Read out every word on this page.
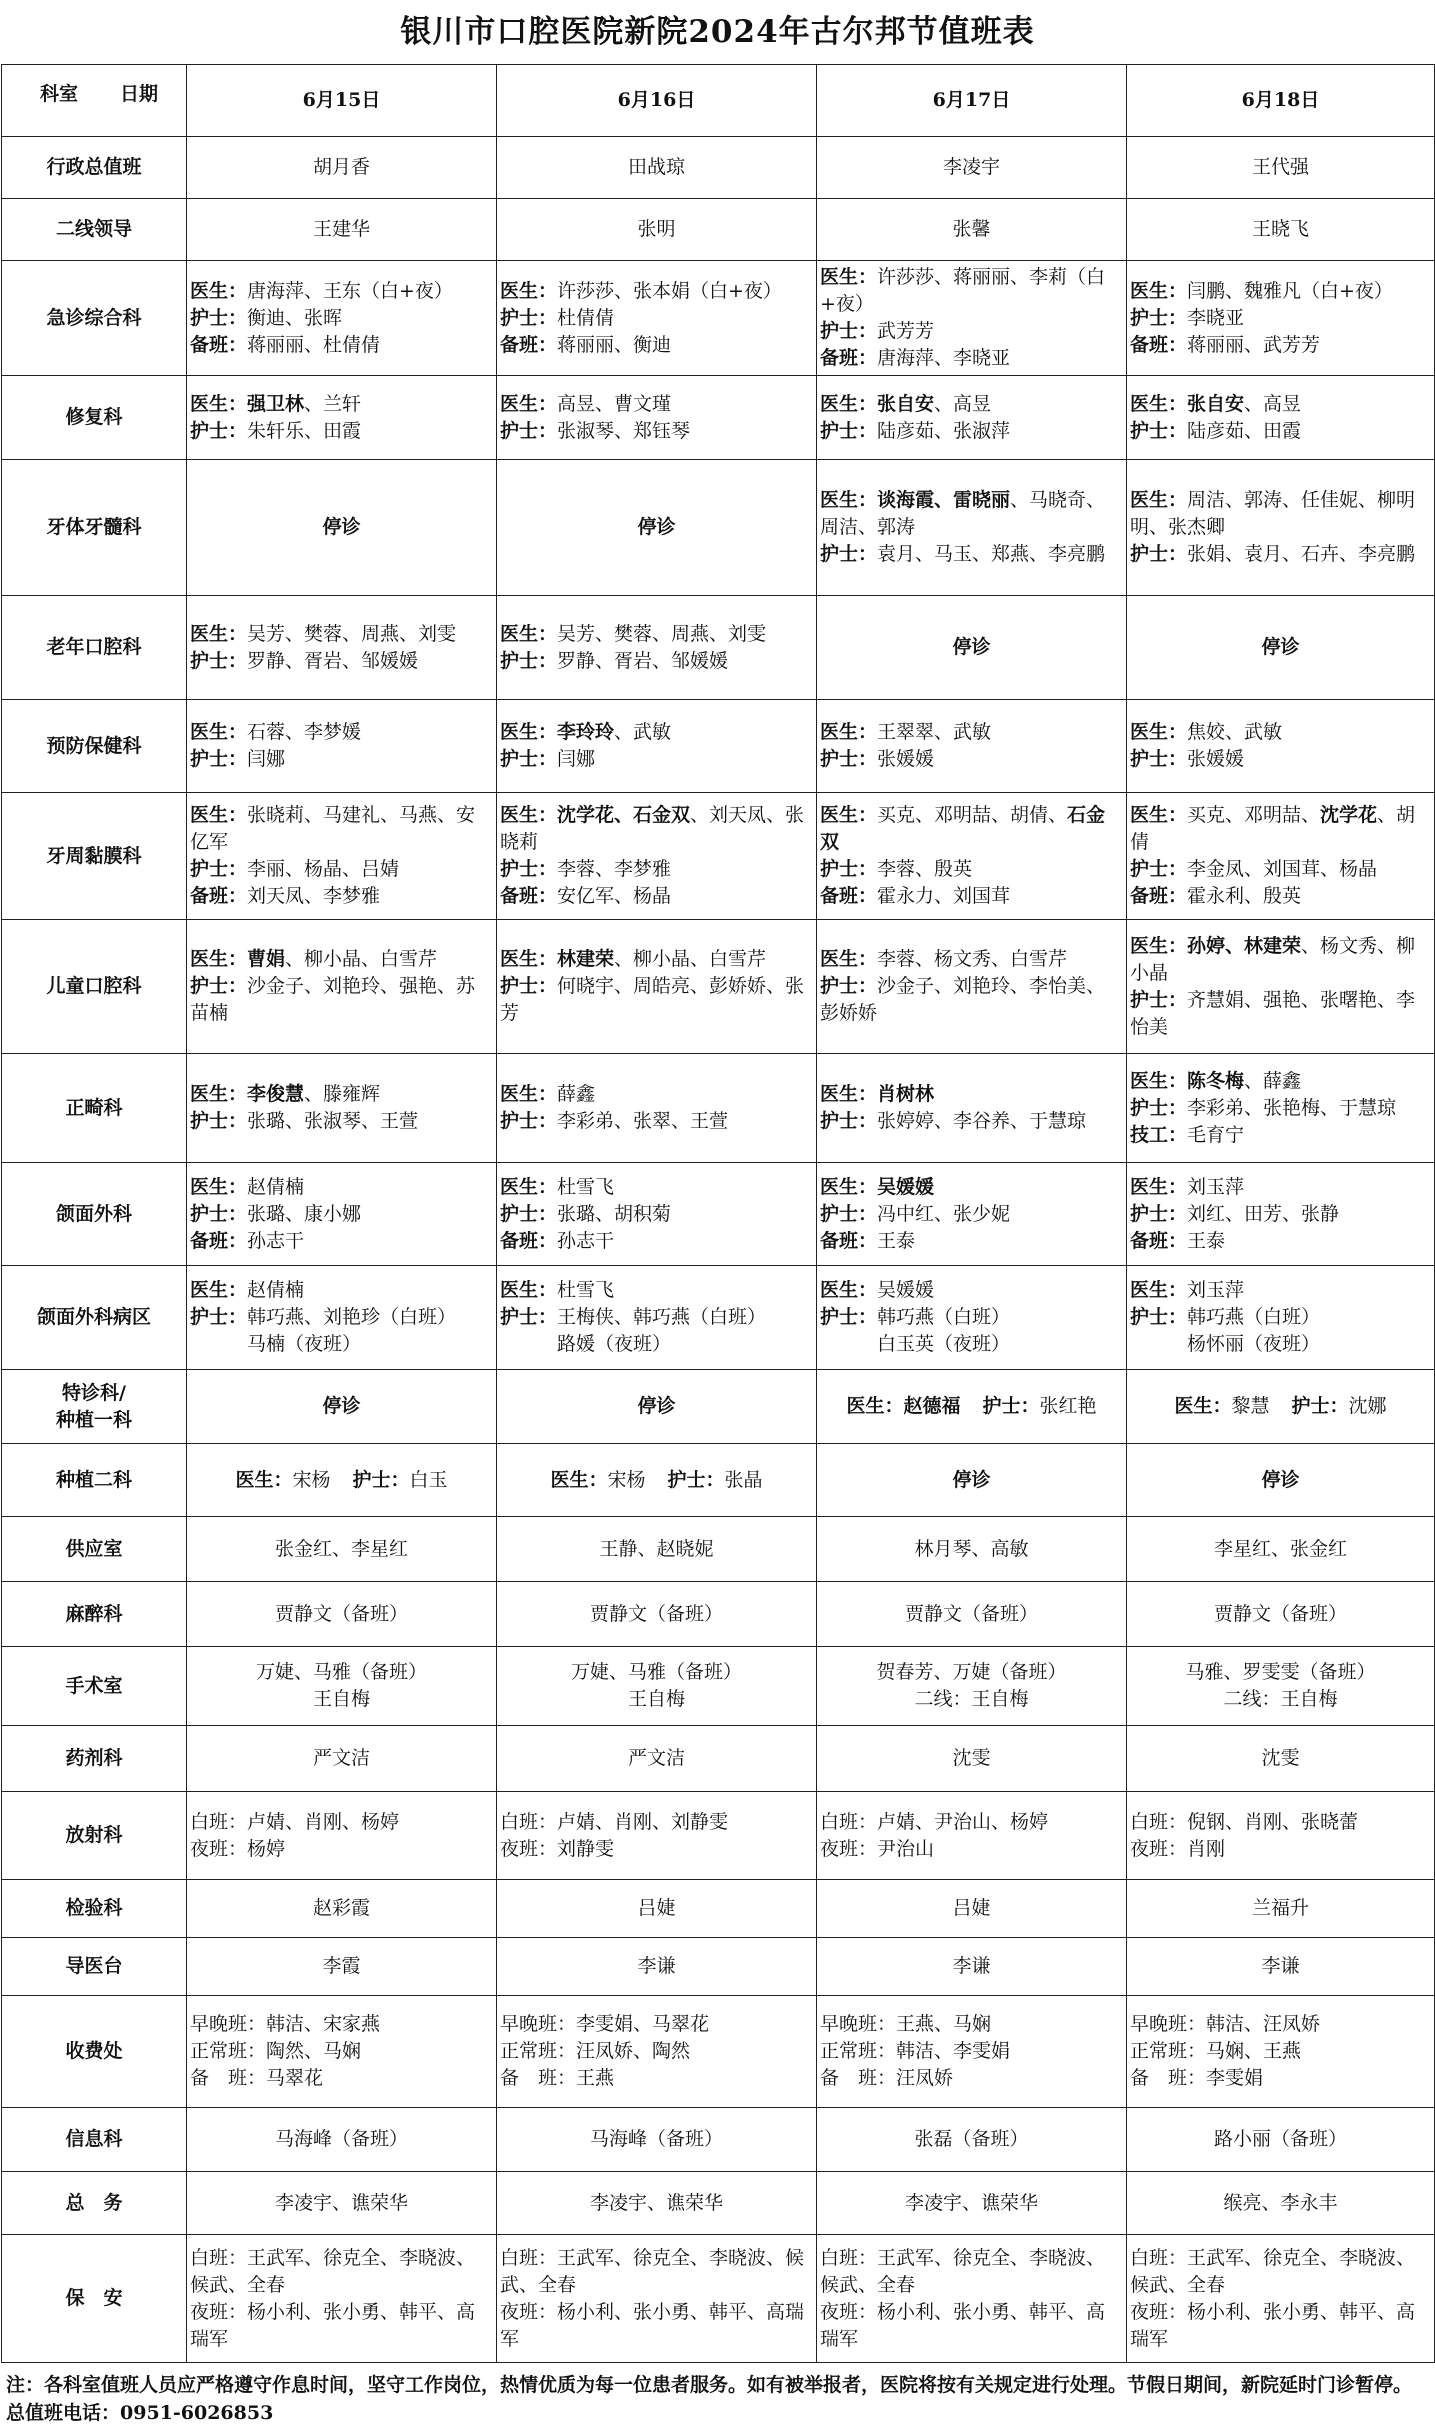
银川市口腔医院新院2024年古尔邦节值班表
科室 日期	6月15日	6月16日	6月17日	6月18日
行政总值班	胡月香	田战琼	李凌宇	王代强
二线领导	王建华	张明	张馨	王晓飞
急诊综合科	医生：唐海萍、王东（白+夜）
护士：衡迪、张晖
备班：蒋丽丽、杜倩倩	医生：许莎莎、张本娟（白+夜）
护士：杜倩倩
备班：蒋丽丽、衡迪	医生：许莎莎、蒋丽丽、李莉（白+夜）
护士：武芳芳
备班：唐海萍、李晓亚	医生：闫鹏、魏雅凡（白+夜）
护士：李晓亚
备班：蒋丽丽、武芳芳

修复科	医生：强卫林、兰轩
护士：朱轩乐、田霞	医生：高昱、曹文瑾
护士：张淑琴、郑钰琴	医生：张自安、高昱
护士：陆彦茹、张淑萍	医生：张自安、高昱
护士：陆彦茹、田霞

牙体牙髓科	停诊	停诊	医生：谈海霞、雷晓丽、马晓奇、周洁、郭涛
护士：袁月、马玉、郑燕、李亮鹏	医生：周洁、郭涛、任佳妮、柳明明、张杰卿
护士：张娟、袁月、石卉、李亮鹏

老年口腔科	医生：吴芳、樊蓉、周燕、刘雯
护士：罗静、胥岩、邹媛媛	医生：吴芳、樊蓉、周燕、刘雯
护士：罗静、胥岩、邹媛媛	停诊	停诊
预防保健科	医生：石蓉、李梦媛
护士：闫娜	医生：李玲玲、武敏
护士：闫娜	医生：王翠翠、武敏
护士：张媛媛	医生：焦姣、武敏
护士：张媛媛

牙周黏膜科	医生：张晓莉、马建礼、马燕、安亿军
护士：李丽、杨晶、吕婧
备班：刘天凤、李梦雅	医生：沈学花、石金双、刘天凤、张晓莉
护士：李蓉、李梦雅
备班：安亿军、杨晶	医生：买克、邓明喆、胡倩、石金双
护士：李蓉、殷英
备班：霍永力、刘国茸	医生：买克、邓明喆、沈学花、胡倩
护士：李金凤、刘国茸、杨晶
备班：霍永利、殷英

儿童口腔科	医生：曹娟、柳小晶、白雪芹
护士：沙金子、刘艳玲、强艳、苏苗楠	医生：林建荣、柳小晶、白雪芹
护士：何晓宇、周皓亮、彭娇娇、张芳	医生：李蓉、杨文秀、白雪芹
护士：沙金子、刘艳玲、李怡美、彭娇娇	医生：孙婷、林建荣、杨文秀、柳小晶
护士：齐慧娟、强艳、张曙艳、李怡美

正畸科	医生：李俊慧、滕雍辉
护士：张璐、张淑琴、王萱	医生：薛鑫
护士：李彩弟、张翠、王萱	医生：肖树林
护士：张婷婷、李谷养、于慧琼	医生：陈冬梅、薛鑫
护士：李彩弟、张艳梅、于慧琼
技工：毛育宁

颌面外科	医生：赵倩楠
护士：张璐、康小娜
备班：孙志干	医生：杜雪飞
护士：张璐、胡积菊
备班：孙志干	医生：吴媛媛
护士：冯中红、张少妮
备班：王泰	医生：刘玉萍
护士：刘红、田芳、张静
备班：王泰

颌面外科病区	医生：赵倩楠
护士：韩巧燕、刘艳珍（白班）
　　　马楠（夜班）	医生：杜雪飞
护士：王梅侠、韩巧燕（白班）
　　　路媛（夜班）	医生：吴媛媛
护士：韩巧燕（白班）
　　　白玉英（夜班）	医生：刘玉萍
护士：韩巧燕（白班）
　　　杨怀丽（夜班）

特诊科/
种植一科	停诊	停诊	医生：赵德福 护士：张红艳	医生：黎慧 护士：沈娜
种植二科	医生：宋杨 护士：白玉	医生：宋杨 护士：张晶	停诊	停诊
供应室	张金红、李星红	王静、赵晓妮	林月琴、高敏	李星红、张金红
麻醉科	贾静文（备班）	贾静文（备班）	贾静文（备班）	贾静文（备班）
手术室	万婕、马雅（备班）
王自梅	万婕、马雅（备班）
王自梅	贺春芳、万婕（备班）
二线：王自梅	马雅、罗雯雯（备班）
二线：王自梅

药剂科	严文洁	严文洁	沈雯	沈雯
放射科	白班：卢婧、肖刚、杨婷
夜班：杨婷	白班：卢婧、肖刚、刘静雯
夜班：刘静雯	白班：卢婧、尹治山、杨婷
夜班：尹治山	白班：倪钢、肖刚、张晓蕾
夜班：肖刚

检验科	赵彩霞	吕婕	吕婕	兰福升
导医台	李霞	李谦	李谦	李谦
收费处	早晚班：韩洁、宋家燕
正常班：陶然、马娴
备　班：马翠花	早晚班：李雯娟、马翠花
正常班：汪凤娇、陶然
备　班：王燕	早晚班：王燕、马娴
正常班：韩洁、李雯娟
备　班：汪凤娇	早晚班：韩洁、汪凤娇
正常班：马娴、王燕
备　班：李雯娟

信息科	马海峰（备班）	马海峰（备班）	张磊（备班）	路小丽（备班）
总　务	李凌宇、谯荣华	李凌宇、谯荣华	李凌宇、谯荣华	缑亮、李永丰
保　安	白班：王武军、徐克全、李晓波、候武、全春
夜班：杨小利、张小勇、韩平、高瑞军	白班：王武军、徐克全、李晓波、候武、全春
夜班：杨小利、张小勇、韩平、高瑞军	白班：王武军、徐克全、李晓波、候武、全春
夜班：杨小利、张小勇、韩平、高瑞军	白班：王武军、徐克全、李晓波、候武、全春
夜班：杨小利、张小勇、韩平、高瑞军
注：各科室值班人员应严格遵守作息时间，坚守工作岗位，热情优质为每一位患者服务。如有被举报者，医院将按有关规定进行处理。节假日期间，新院延时门诊暂停。
总值班电话：0951-6026853
